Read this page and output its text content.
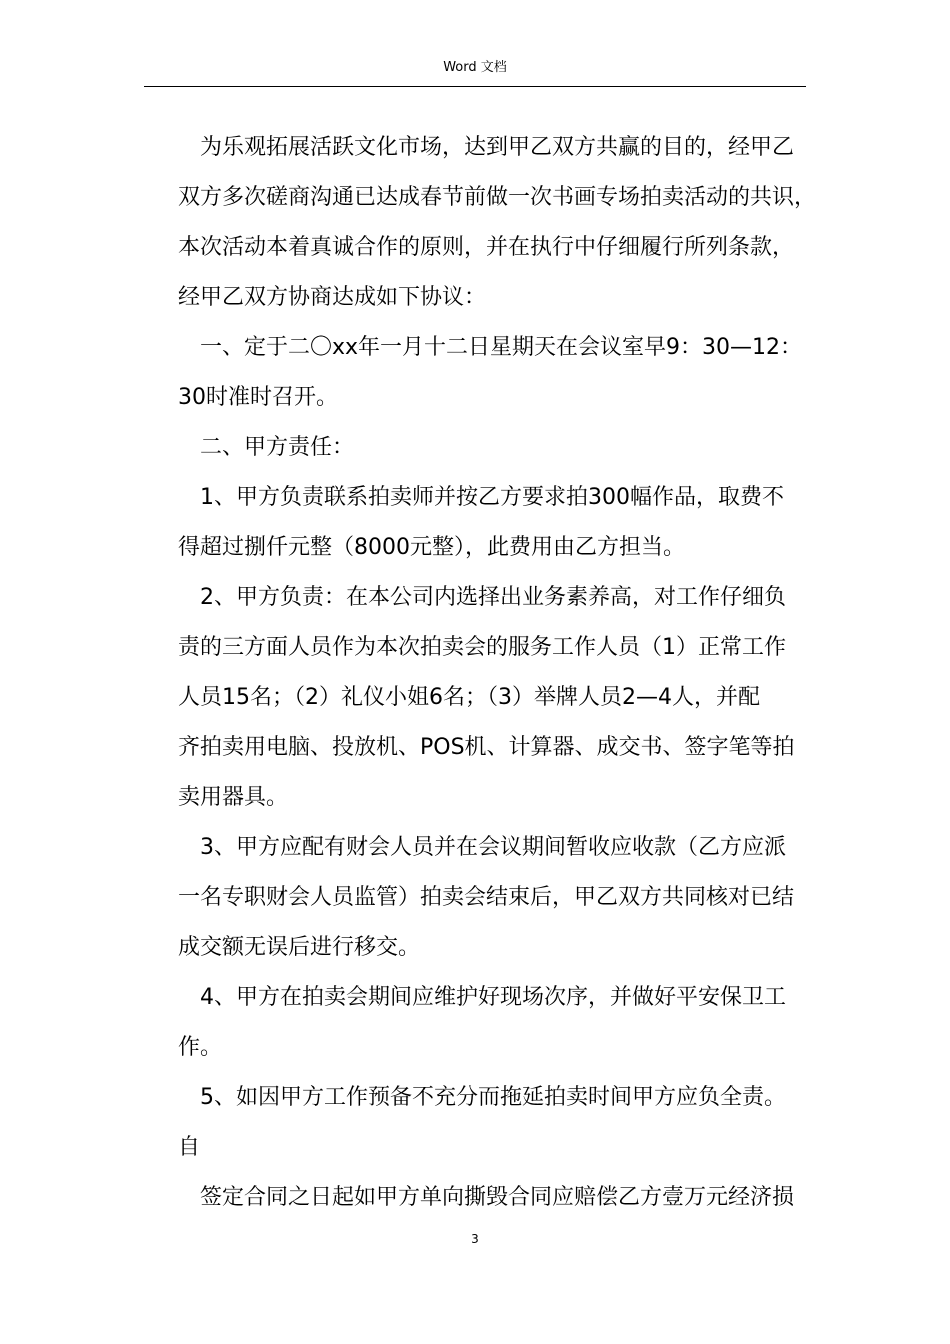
Word 文档
为乐观拓展活跃文化市场，达到甲乙双方共赢的目的，经甲乙
双方多次磋商沟通已达成春节前做一次书画专场拍卖活动的共识，
本次活动本着真诚合作的原则，并在执行中仔细履行所列条款，
经甲乙双方协商达成如下协议：
一、定于二〇xx年一月十二日星期天在会议室早9：30—12：
30时准时召开。
二、甲方责任：
1、甲方负责联系拍卖师并按乙方要求拍300幅作品，取费不
得超过捌仟元整（8000元整），此费用由乙方担当。
2、甲方负责：在本公司内选择出业务素养高，对工作仔细负
责的三方面人员作为本次拍卖会的服务工作人员（1）正常工作
人员15名；（2）礼仪小姐6名；（3）举牌人员2—4人，并配
齐拍卖用电脑、投放机、POS机、计算器、成交书、签字笔等拍
卖用器具。
3、甲方应配有财会人员并在会议期间暂收应收款（乙方应派
一名专职财会人员监管）拍卖会结束后，甲乙双方共同核对已结
成交额无误后进行移交。
4、甲方在拍卖会期间应维护好现场次序，并做好平安保卫工
作。
5、如因甲方工作预备不充分而拖延拍卖时间甲方应负全责。
自
签定合同之日起如甲方单向撕毁合同应赔偿乙方壹万元经济损
3
